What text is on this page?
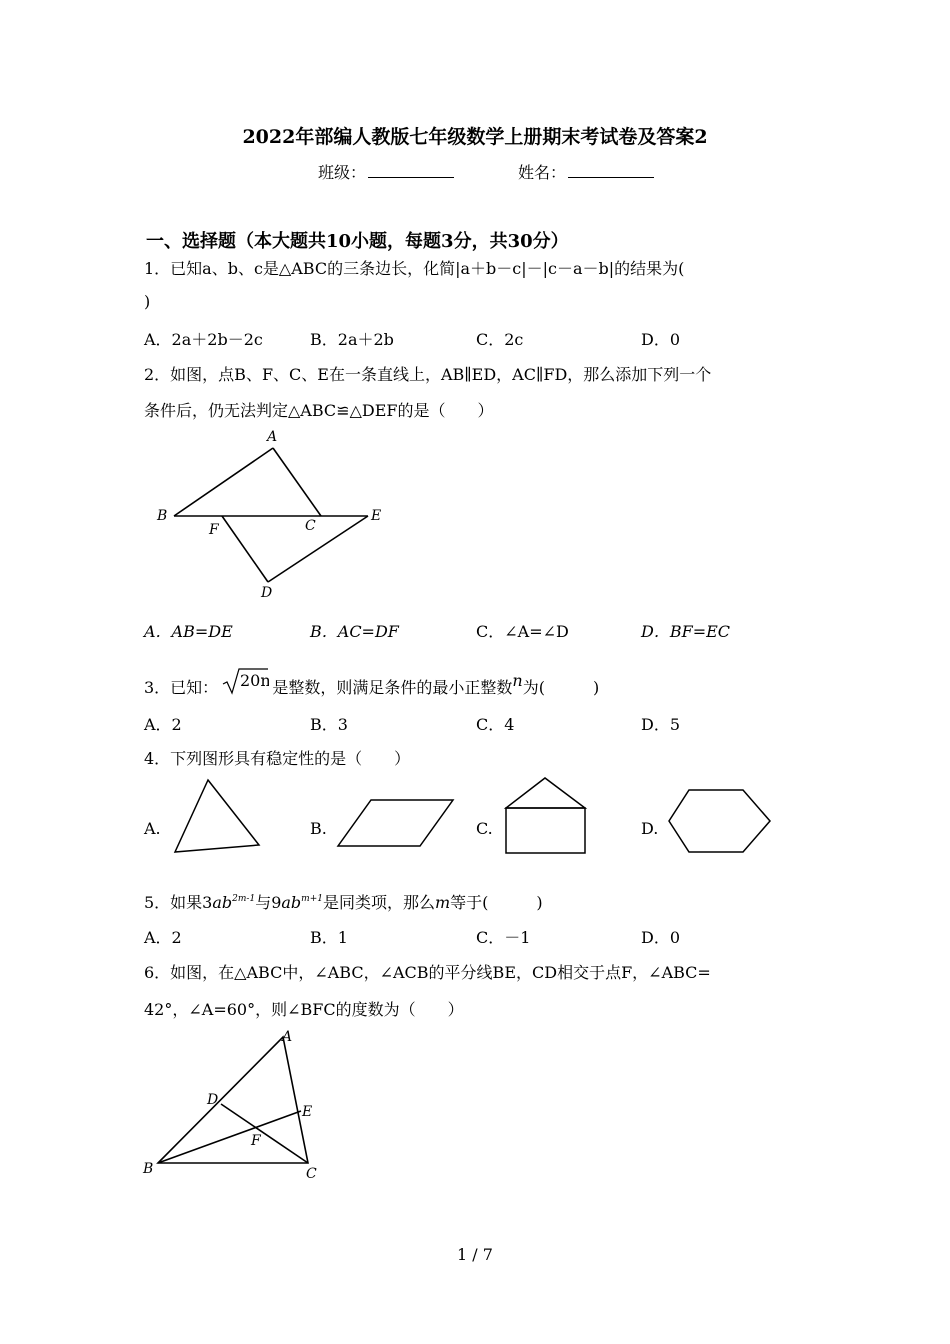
2022年部编人教版七年级数学上册期末考试卷及答案2
班级：	姓名：
一、选择题（本大题共10小题，每题3分，共30分）
1．已知a、b、c是△ABC的三条边长，化简|a＋b－c|－|c－a－b|的结果为(
)
A．2a＋2b－2c	B．2a＋2b	C．2c	D．0
2．如图，点B、F、C、E在一条直线上，AB∥ED，AC∥FD，那么添加下列一个
条件后，仍无法判定△ABC≌△DEF的是（　　）
A
B
C
D
E
F
A．AB=DE	B．AC=DF	C．∠A=∠D	D．BF=EC
3．已知： 20n 是整数，则满足条件的最小正整数n为(　　　)
A．2	B．3	C．4	D．5
4．下列图形具有稳定性的是（　　）
A.	B.	C.	D.
5．如果$3ab^{2m-1}$与$9ab^{m+1}$是同类项，那么m等于(　　　)
A．2	B．1	C．－1	D．0
6．如图，在△ABC中，∠ABC，∠ACB的平分线BE，CD相交于点F，∠ABC=
42°，∠A=60°，则∠BFC的度数为（　　）
A
B	C
D
E
F
1 / 7
